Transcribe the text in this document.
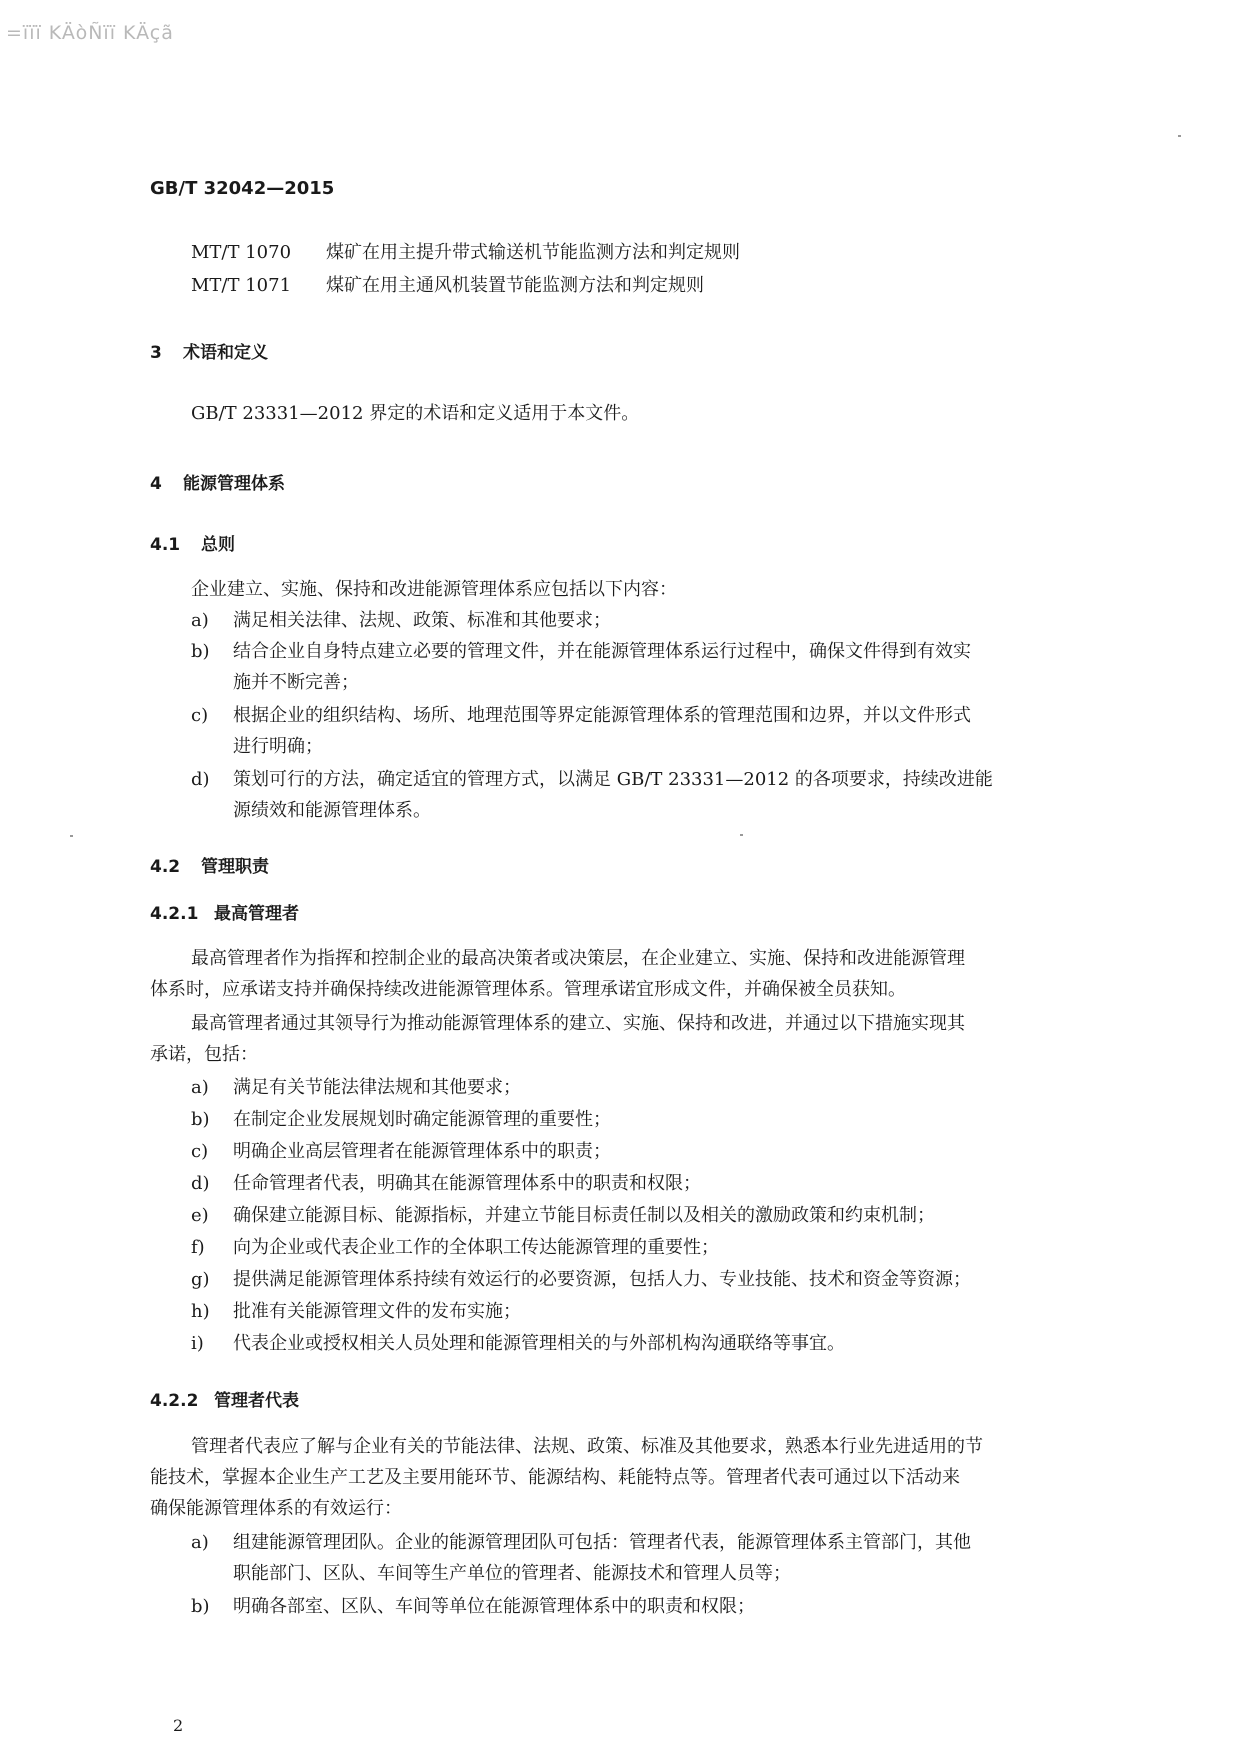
=ïïï KÄòÑïï KÄçã
GB/T 32042—2015
MT/T 1070 煤矿在用主提升带式输送机节能监测方法和判定规则
MT/T 1071 煤矿在用主通风机装置节能监测方法和判定规则
3 术语和定义
GB/T 23331—2012 界定的术语和定义适用于本文件。
4 能源管理体系
4.1 总则
企业建立、实施、保持和改进能源管理体系应包括以下内容：
a)	满足相关法律、法规、政策、标准和其他要求；
b)	结合企业自身特点建立必要的管理文件，并在能源管理体系运行过程中，确保文件得到有效实
施并不断完善；
c)	根据企业的组织结构、场所、地理范围等界定能源管理体系的管理范围和边界，并以文件形式
进行明确；
d)	策划可行的方法，确定适宜的管理方式，以满足 GB/T 23331—2012 的各项要求，持续改进能
源绩效和能源管理体系。
4.2 管理职责
4.2.1 最高管理者
最高管理者作为指挥和控制企业的最高决策者或决策层，在企业建立、实施、保持和改进能源管理
体系时，应承诺支持并确保持续改进能源管理体系。管理承诺宜形成文件，并确保被全员获知。
最高管理者通过其领导行为推动能源管理体系的建立、实施、保持和改进，并通过以下措施实现其
承诺，包括：
a)	满足有关节能法律法规和其他要求；
b)	在制定企业发展规划时确定能源管理的重要性；
c)	明确企业高层管理者在能源管理体系中的职责；
d)	任命管理者代表，明确其在能源管理体系中的职责和权限；
e)	确保建立能源目标、能源指标，并建立节能目标责任制以及相关的激励政策和约束机制；
f)	向为企业或代表企业工作的全体职工传达能源管理的重要性；
g)	提供满足能源管理体系持续有效运行的必要资源，包括人力、专业技能、技术和资金等资源；
h)	批准有关能源管理文件的发布实施；
i)	代表企业或授权相关人员处理和能源管理相关的与外部机构沟通联络等事宜。
4.2.2 管理者代表
管理者代表应了解与企业有关的节能法律、法规、政策、标准及其他要求，熟悉本行业先进适用的节
能技术，掌握本企业生产工艺及主要用能环节、能源结构、耗能特点等。管理者代表可通过以下活动来
确保能源管理体系的有效运行：
a)	组建能源管理团队。企业的能源管理团队可包括：管理者代表，能源管理体系主管部门，其他
职能部门、区队、车间等生产单位的管理者、能源技术和管理人员等；
b)	明确各部室、区队、车间等单位在能源管理体系中的职责和权限；
2
